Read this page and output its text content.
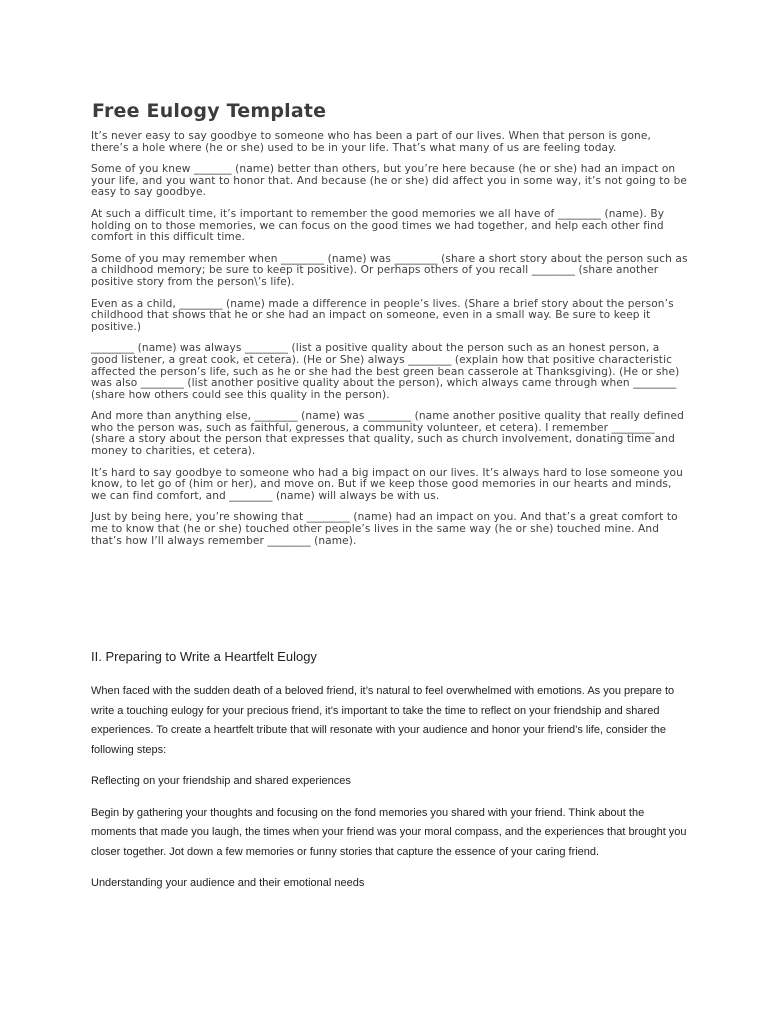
Free Eulogy Template

It’s never easy to say goodbye to someone who has been a part of our lives. When that person is gone, there’s a hole where (he or she) used to be in your life. That’s what many of us are feeling today.

Some of you knew _______ (name) better than others, but you’re here because (he or she) had an impact on your life, and you want to honor that. And because (he or she) did affect you in some way, it’s not going to be easy to say goodbye.

At such a difficult time, it’s important to remember the good memories we all have of ________ (name). By holding on to those memories, we can focus on the good times we had together, and help each other find comfort in this difficult time.

Some of you may remember when ________ (name) was ________ (share a short story about the person such as a childhood memory; be sure to keep it positive). Or perhaps others of you recall ________ (share another positive story from the person\’s life).

Even as a child, ________ (name) made a difference in people’s lives. (Share a brief story about the person’s childhood that shows that he or she had an impact on someone, even in a small way. Be sure to keep it positive.)

________ (name) was always ________ (list a positive quality about the person such as an honest person, a good listener, a great cook, et cetera). (He or She) always ________ (explain how that positive characteristic affected the person’s life, such as he or she had the best green bean casserole at Thanksgiving). (He or she) was also ________ (list another positive quality about the person), which always came through when ________ (share how others could see this quality in the person).

And more than anything else, ________ (name) was ________ (name another positive quality that really defined who the person was, such as faithful, generous, a community volunteer, et cetera). I remember ________ (share a story about the person that expresses that quality, such as church involvement, donating time and money to charities, et cetera).

It’s hard to say goodbye to someone who had a big impact on our lives. It’s always hard to lose someone you know, to let go of (him or her), and move on. But if we keep those good memories in our hearts and minds, we can find comfort, and ________ (name) will always be with us.

Just by being here, you’re showing that ________ (name) had an impact on you. And that’s a great comfort to me to know that (he or she) touched other people’s lives in the same way (he or she) touched mine. And that’s how I’ll always remember ________ (name).

II. Preparing to Write a Heartfelt Eulogy

When faced with the sudden death of a beloved friend, it’s natural to feel overwhelmed with emotions. As you prepare to write a touching eulogy for your precious friend, it’s important to take the time to reflect on your friendship and shared experiences. To create a heartfelt tribute that will resonate with your audience and honor your friend’s life, consider the following steps:

Reflecting on your friendship and shared experiences

Begin by gathering your thoughts and focusing on the fond memories you shared with your friend. Think about the moments that made you laugh, the times when your friend was your moral compass, and the experiences that brought you closer together. Jot down a few memories or funny stories that capture the essence of your caring friend.

Understanding your audience and their emotional needs
